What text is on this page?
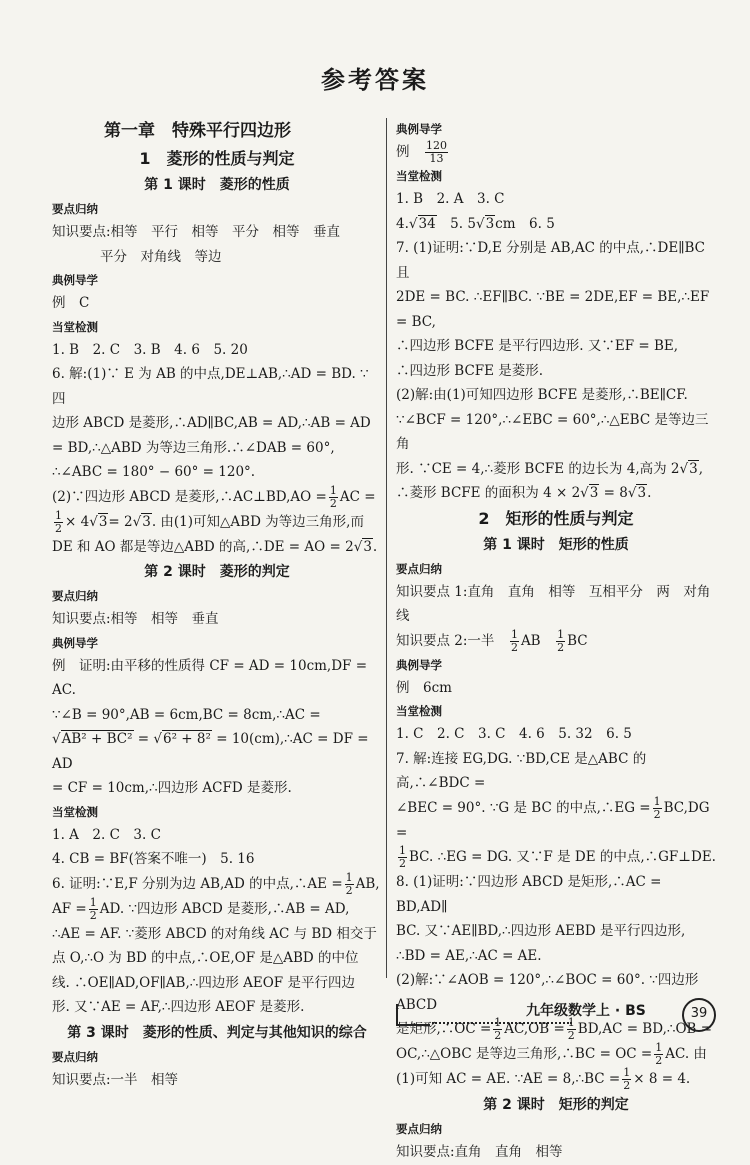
参考答案

第一章　特殊平行四边形

1　菱形的性质与判定

第 1 课时　菱形的性质

要点归纳

知识要点:相等　平行　相等　平分　相等　垂直

平分　对角线　等边

典例导学

例　C

当堂检测

1. B　2. C　3. B　4. 6　5. 20

6. 解:(1)∵ E 为 AB 的中点,DE⊥AB,∴AD = BD. ∵四

边形 ABCD 是菱形,∴AD∥BC,AB = AD,∴AB = AD

= BD,∴△ABD 为等边三角形.∴∠DAB = 60°,

∴∠ABC = 180° − 60° = 120°.

(2)∵四边形 ABCD 是菱形,∴AC⊥BD,AO = $\frac{1}{2}$ AC =

$\frac{1}{2} \times 4√3= 2√3$. 由(1)可知△ABD 为等边三角形,而

DE 和 AO 都是等边△ABD 的高,∴DE = AO = 2√3.

第 2 课时　菱形的判定

要点归纳

知识要点:相等　相等　垂直

典例导学

例　证明:由平移的性质得 CF = AD = 10cm,DF = AC.

∵∠B = 90°,AB = 6cm,BC = 8cm,∴AC =

√AB² + BC² = √6² + 8² = 10(cm),∴AC = DF = AD

= CF = 10cm,∴四边形 ACFD 是菱形.

当堂检测

1. A　2. C　3. C

4. CB = BF(答案不唯一)　5. 16

6. 证明:∵E,F 分别为边 AB,AD 的中点,∴AE = $\frac{1}{2}$ AB,

AF = $\frac{1}{2}$ AD. ∵四边形 ABCD 是菱形,∴AB = AD,

∴AE = AF. ∵菱形 ABCD 的对角线 AC 与 BD 相交于

点 O,∴O 为 BD 的中点,∴OE,OF 是△ABD 的中位

线. ∴OE∥AD,OF∥AB,∴四边形 AEOF 是平行四边

形. 又∵AE = AF,∴四边形 AEOF 是菱形.

第 3 课时　菱形的性质、判定与其他知识的综合

要点归纳

知识要点:一半　相等

典例导学

例　 $\frac{120}{13}$

当堂检测

1. B　2. A　3. C

4.√34　5. 5√3cm　6. 5

7. (1)证明:∵D,E 分别是 AB,AC 的中点,∴DE∥BC 且

2DE = BC. ∴EF∥BC. ∵BE = 2DE,EF = BE,∴EF = BC,

∴四边形 BCFE 是平行四边形. 又∵EF = BE,

∴四边形 BCFE 是菱形.

(2)解:由(1)可知四边形 BCFE 是菱形,∴BE∥CF.

∵∠BCF = 120°,∴∠EBC = 60°,∴△EBC 是等边三角

形. ∵CE = 4,∴菱形 BCFE 的边长为 4,高为 2√3,

∴菱形 BCFE 的面积为 4 × 2√3 = 8√3.

2　矩形的性质与判定

第 1 课时　矩形的性质

要点归纳

知识要点 1:直角　直角　相等　互相平分　两　对角线

知识要点 2:一半　 $\frac{1}{2}$ AB　 $\frac{1}{2}$ BC

典例导学

例　6cm

当堂检测

1. C　2. C　3. C　4. 6　5. 32　6. 5

7. 解:连接 EG,DG. ∵BD,CE 是△ABC 的高,∴∠BDC =

∠BEC = 90°. ∵G 是 BC 的中点,∴EG = $\frac{1}{2} BC,DG$ =

$\frac{1}{2}$ BC. ∴EG = DG. 又∵F 是 DE 的中点,∴GF⊥DE.

8. (1)证明:∵四边形 ABCD 是矩形,∴AC = BD,AD∥

BC. 又∵AE∥BD,∴四边形 AEBD 是平行四边形,

∴BD = AE,∴AC = AE.

(2)解:∵∠AOB = 120°,∴∠BOC = 60°. ∵四边形 ABCD

是矩形,∴OC = $\frac{1}{2} AC,OB = \frac{1}{2} BD,AC$ = BD,∴OB =

OC,∴△OBC 是等边三角形,∴BC = OC = $\frac{1}{2}$ AC. 由

(1)可知 AC = AE. ∵AE = 8,∴BC = $\frac{1}{2} \times 8 = 4$.

第 2 课时　矩形的判定

要点归纳

知识要点:直角　直角　相等

九年级数学上 · BS	39
